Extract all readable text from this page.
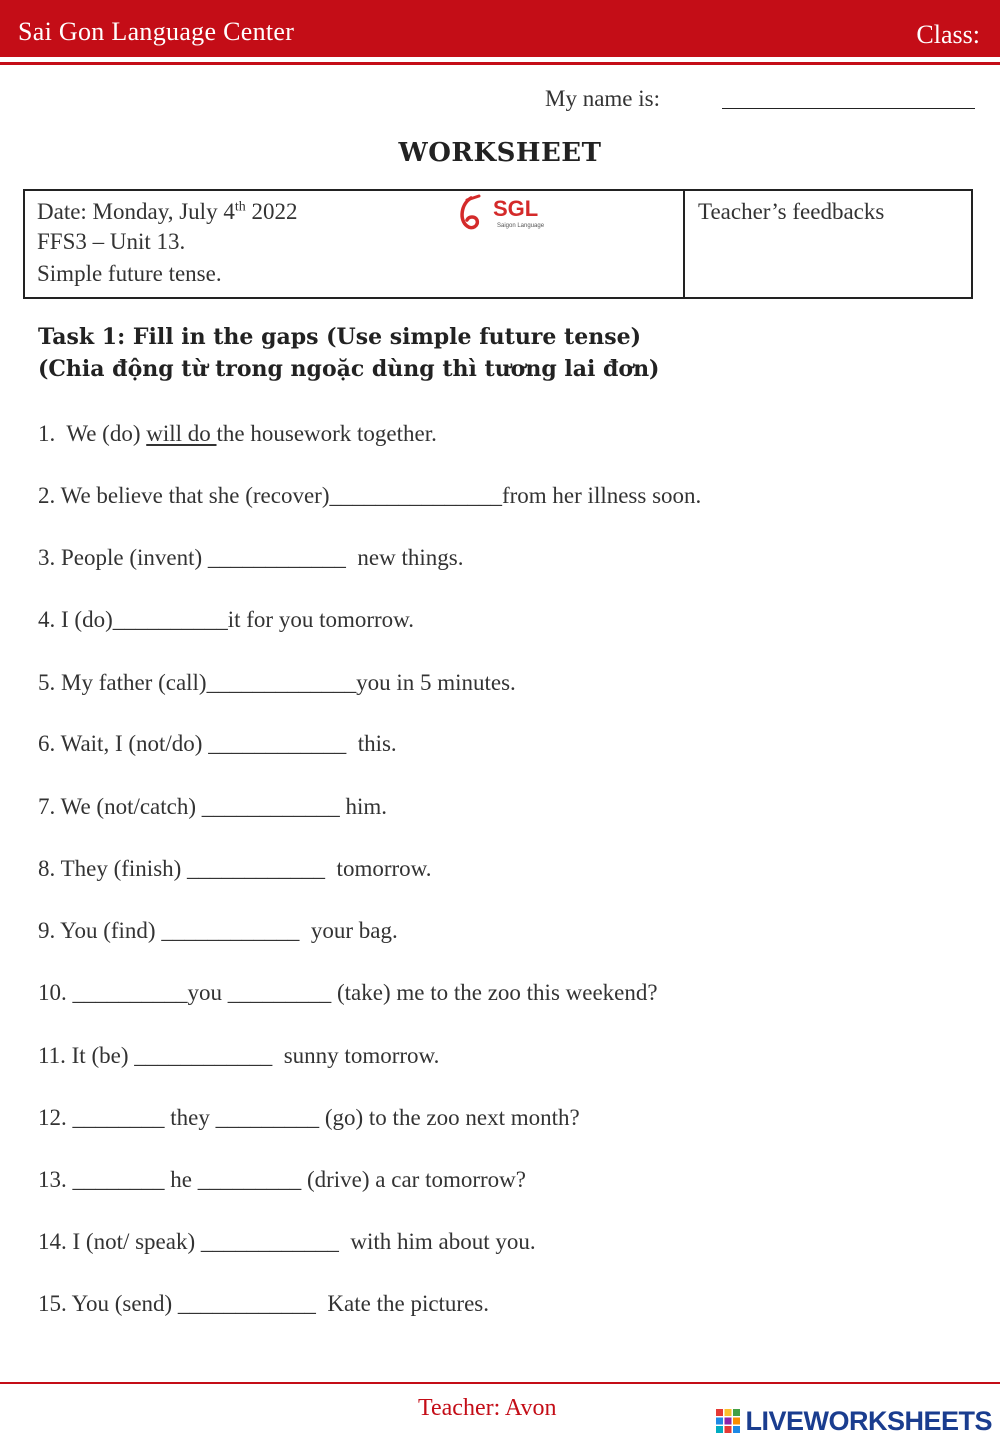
Sai Gon Language Center	Class:
My name is:
WORKSHEET
Date: Monday, July 4th 2022
FFS3 – Unit 13.
Simple future tense.
SGL
Saigon Language
Teacher’s feedbacks
Task 1: Fill in the gaps (Use simple future tense)
(Chia động từ trong ngoặc dùng thì tương lai đơn)
1.  We (do) will do the housework together.
2. We believe that she (recover)_______________from her illness soon.
3. People (invent) ____________  new things.
4. I (do)__________it for you tomorrow.
5. My father (call)_____________you in 5 minutes.
6. Wait, I (not/do) ____________  this.
7. We (not/catch) ____________ him.
8. They (finish) ____________  tomorrow.
9. You (find) ____________  your bag.
10. __________you _________ (take) me to the zoo this weekend?
11. It (be) ____________  sunny tomorrow.
12. ________ they _________ (go) to the zoo next month?
13. ________ he _________ (drive) a car tomorrow?
14. I (not/ speak) ____________  with him about you.
15. You (send) ____________  Kate the pictures.
Teacher: Avon	LIVEWORKSHEETS
